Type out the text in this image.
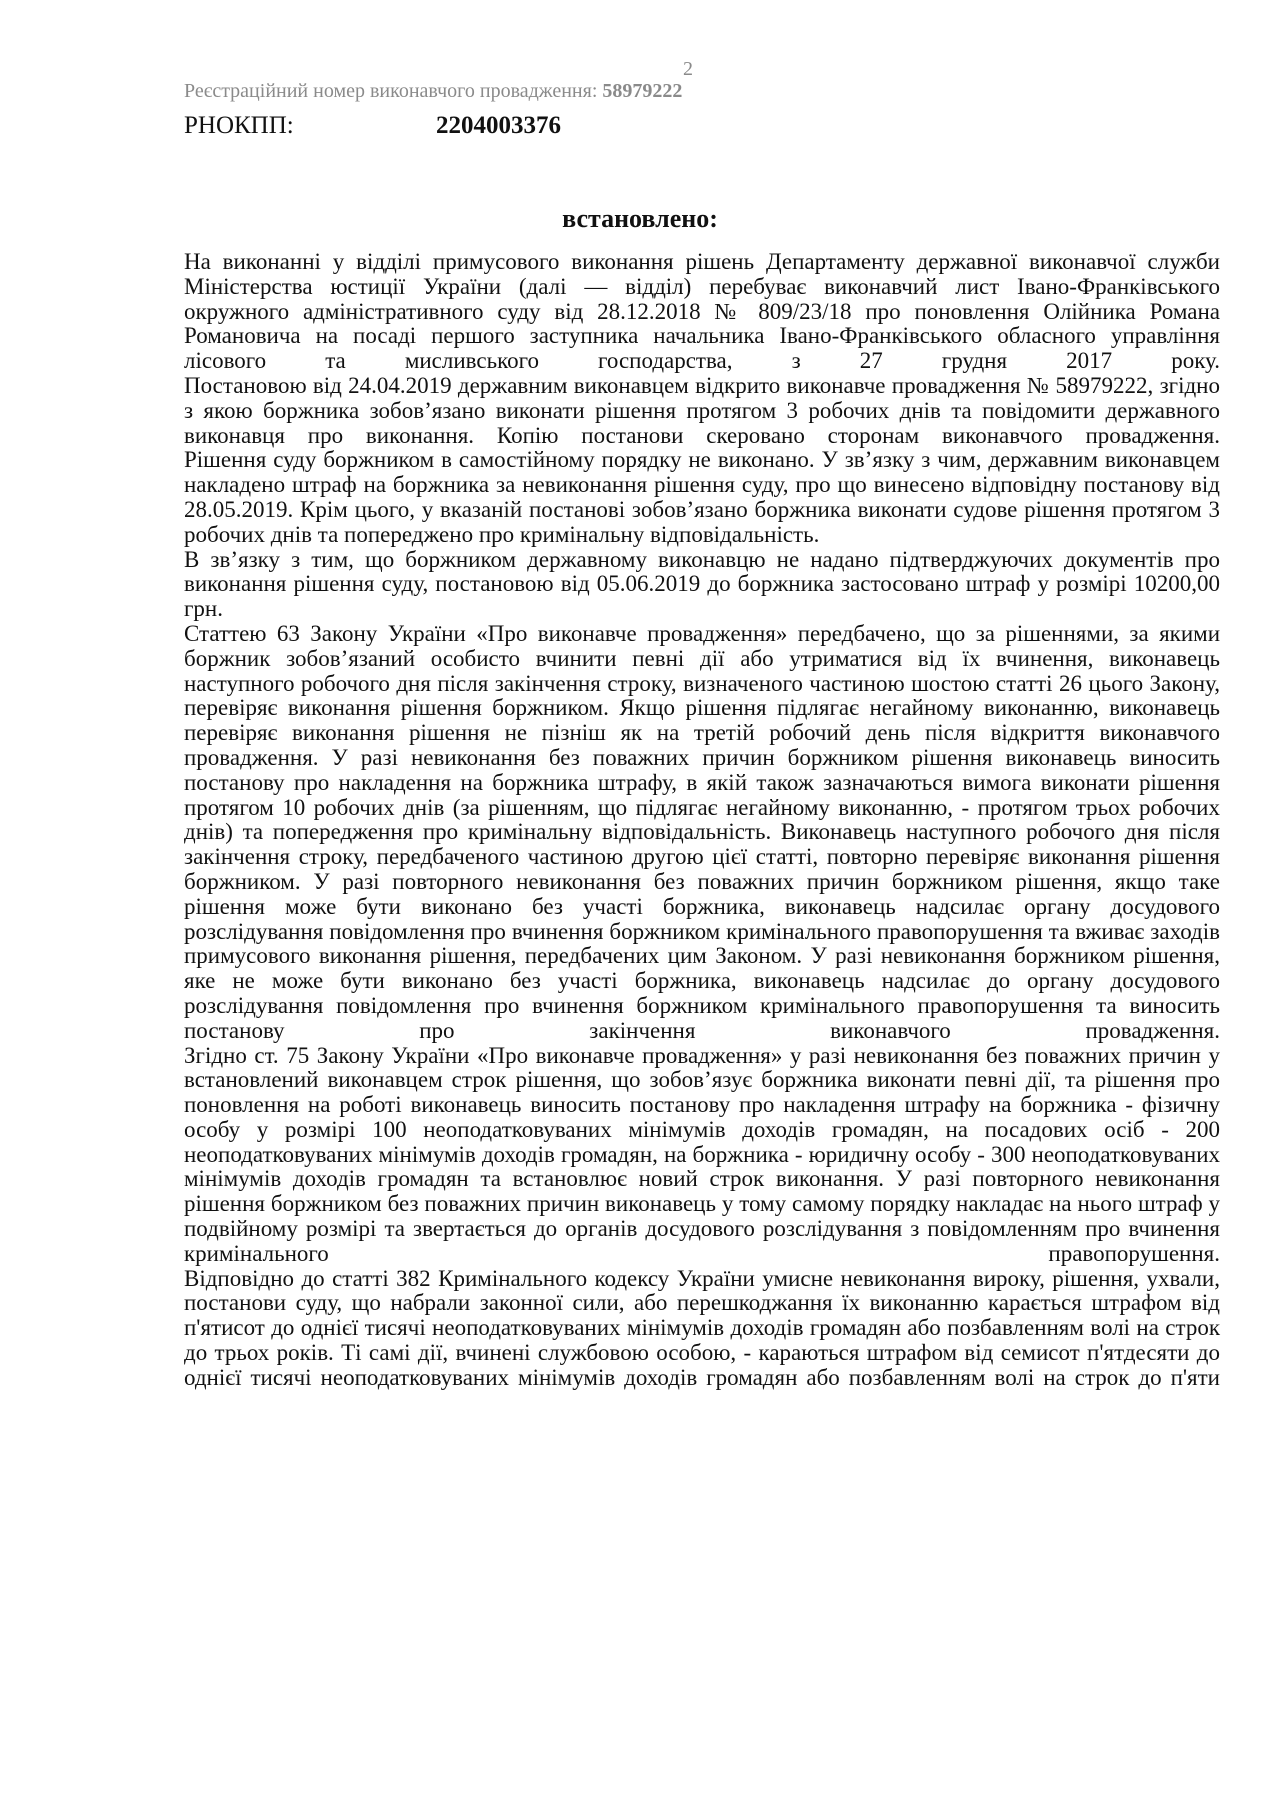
2
Реєстраційний номер виконавчого провадження: 58979222
РНОКПП:	2204003376
встановлено:

На виконанні у відділі примусового виконання рішень Департаменту державної виконавчої служби Міністерства юстиції України (далі — відділ) перебуває виконавчий лист Івано-Франківського окружного адміністративного суду від 28.12.2018 № 809/23/18 про поновлення Олійника Романа Романовича на посаді першого заступника начальника Івано-Франківського обласного управління лісового та мисливського господарства, з 27 грудня 2017 року.

Постановою від 24.04.2019 державним виконавцем відкрито виконавче провадження № 58979222, згідно з якою боржника зобов’язано виконати рішення протягом 3 робочих днів та повідомити державного виконавця про виконання. Копію постанови скеровано сторонам виконавчого провадження.

Рішення суду боржником в самостійному порядку не виконано. У зв’язку з чим, державним виконавцем накладено штраф на боржника за невиконання рішення суду, про що винесено відповідну постанову від 28.05.2019. Крім цього, у вказаній постанові зобов’язано боржника виконати судове рішення протягом 3 робочих днів та попереджено про кримінальну відповідальність.

В зв’язку з тим, що боржником державному виконавцю не надано підтверджуючих документів про виконання рішення суду, постановою від 05.06.2019 до боржника застосовано штраф у розмірі 10200,00 грн.

Статтею 63 Закону України «Про виконавче провадження» передбачено, що за рішеннями, за якими боржник зобов’язаний особисто вчинити певні дії або утриматися від їх вчинення, виконавець наступного робочого дня після закінчення строку, визначеного частиною шостою статті 26 цього Закону, перевіряє виконання рішення боржником. Якщо рішення підлягає негайному виконанню, виконавець перевіряє виконання рішення не пізніш як на третій робочий день після відкриття виконавчого провадження. У разі невиконання без поважних причин боржником рішення виконавець виносить постанову про накладення на боржника штрафу, в якій також зазначаються вимога виконати рішення протягом 10 робочих днів (за рішенням, що підлягає негайному виконанню, - протягом трьох робочих днів) та попередження про кримінальну відповідальність. Виконавець наступного робочого дня після закінчення строку, передбаченого частиною другою цієї статті, повторно перевіряє виконання рішення боржником. У разі повторного невиконання без поважних причин боржником рішення, якщо таке рішення може бути виконано без участі боржника, виконавець надсилає органу досудового розслідування повідомлення про вчинення боржником кримінального правопорушення та вживає заходів примусового виконання рішення, передбачених цим Законом. У разі невиконання боржником рішення, яке не може бути виконано без участі боржника, виконавець надсилає до органу досудового розслідування повідомлення про вчинення боржником кримінального правопорушення та виносить постанову про закінчення виконавчого провадження.

Згідно ст. 75 Закону України «Про виконавче провадження» у разі невиконання без поважних причин у встановлений виконавцем строк рішення, що зобов’язує боржника виконати певні дії, та рішення про поновлення на роботі виконавець виносить постанову про накладення штрафу на боржника - фізичну особу у розмірі 100 неоподатковуваних мінімумів доходів громадян, на посадових осіб - 200 неоподатковуваних мінімумів доходів громадян, на боржника - юридичну особу - 300 неоподатковуваних мінімумів доходів громадян та встановлює новий строк виконання. У разі повторного невиконання рішення боржником без поважних причин виконавець у тому самому порядку накладає на нього штраф у подвійному розмірі та звертається до органів досудового розслідування з повідомленням про вчинення кримінального правопорушення.

Відповідно до статті 382 Кримінального кодексу України умисне невиконання вироку, рішення, ухвали, постанови суду, що набрали законної сили, або перешкоджання їх виконанню карається штрафом від п'ятисот до однієї тисячі неоподатковуваних мінімумів доходів громадян або позбавленням волі на строк до трьох років. Ті самі дії, вчинені службовою особою, - караються штрафом від семисот п'ятдесяти до однієї тисячі неоподатковуваних мінімумів доходів громадян або позбавленням волі на строк до п'яти
